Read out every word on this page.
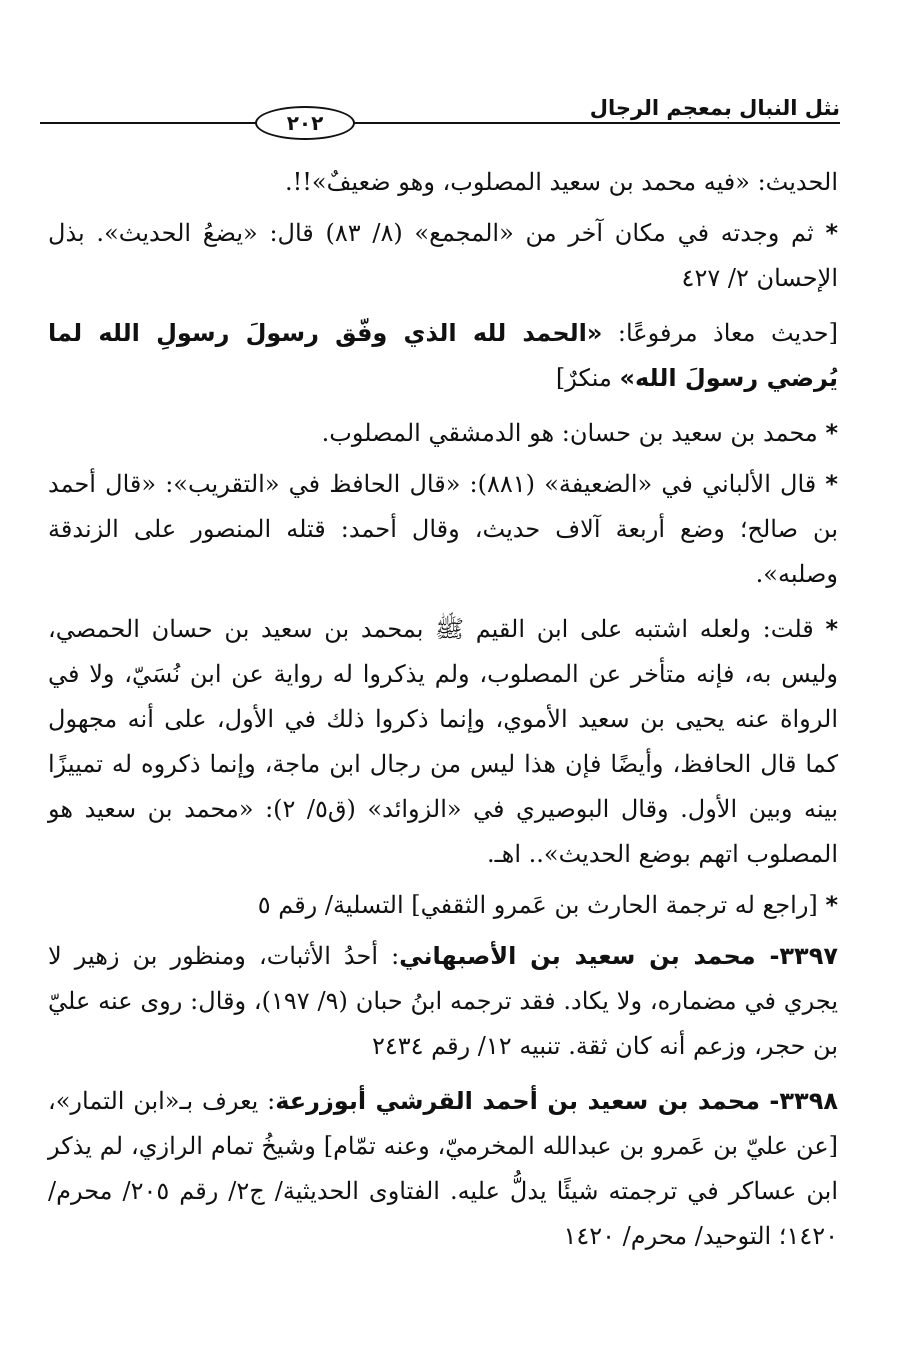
٢٠٢
نثل النبال بمعجم الرجال

الحديث: «فيه محمد بن سعيد المصلوب، وهو ضعيفٌ»!!.

* ثم وجدته في مكان آخر من «المجمع» (٨/ ٨٣) قال: «يضعُ الحديث». بذل الإحسان ٢/ ٤٢٧

[حديث معاذ مرفوعًا: «الحمد لله الذي وفّق رسولَ رسولِ الله لما يُرضي رسولَ الله» منكرٌ]

* محمد بن سعيد بن حسان: هو الدمشقي المصلوب.

* قال الألباني في «الضعيفة» (٨٨١): «قال الحافظ في «التقريب»: «قال أحمد بن صالح؛ وضع أربعة آلاف حديث، وقال أحمد: قتله المنصور على الزندقة وصلبه».

* قلت: ولعله اشتبه على ابن القيم ﷺ بمحمد بن سعيد بن حسان الحمصي، وليس به، فإنه متأخر عن المصلوب، ولم يذكروا له رواية عن ابن نُسَيّ، ولا في الرواة عنه يحيى بن سعيد الأموي، وإنما ذكروا ذلك في الأول، على أنه مجهول كما قال الحافظ، وأيضًا فإن هذا ليس من رجال ابن ماجة، وإنما ذكروه له تمييزًا بينه وبين الأول. وقال البوصيري في «الزوائد» (ق٥/ ٢): «محمد بن سعيد هو المصلوب اتهم بوضع الحديث».. اهـ.

* [راجع له ترجمة الحارث بن عَمرو الثقفي] التسلية/ رقم ٥

٣٣٩٧- محمد بن سعيد بن الأصبهاني: أحدُ الأثبات، ومنظور بن زهير لا يجري في مضماره، ولا يكاد. فقد ترجمه ابنُ حبان (٩/ ١٩٧)، وقال: روى عنه عليّ بن حجر، وزعم أنه كان ثقة. تنبيه ١٢/ رقم ٢٤٣٤

٣٣٩٨- محمد بن سعيد بن أحمد القرشي أبوزرعة: يعرف بـ«ابن التمار»، [عن عليّ بن عَمرو بن عبدالله المخرميّ، وعنه تمّام] وشيخُ تمام الرازي، لم يذكر ابن عساكر في ترجمته شيئًا يدلُّ عليه. الفتاوى الحديثية/ ج٢/ رقم ٢٠٥/ محرم/ ١٤٢٠؛ التوحيد/ محرم/ ١٤٢٠
